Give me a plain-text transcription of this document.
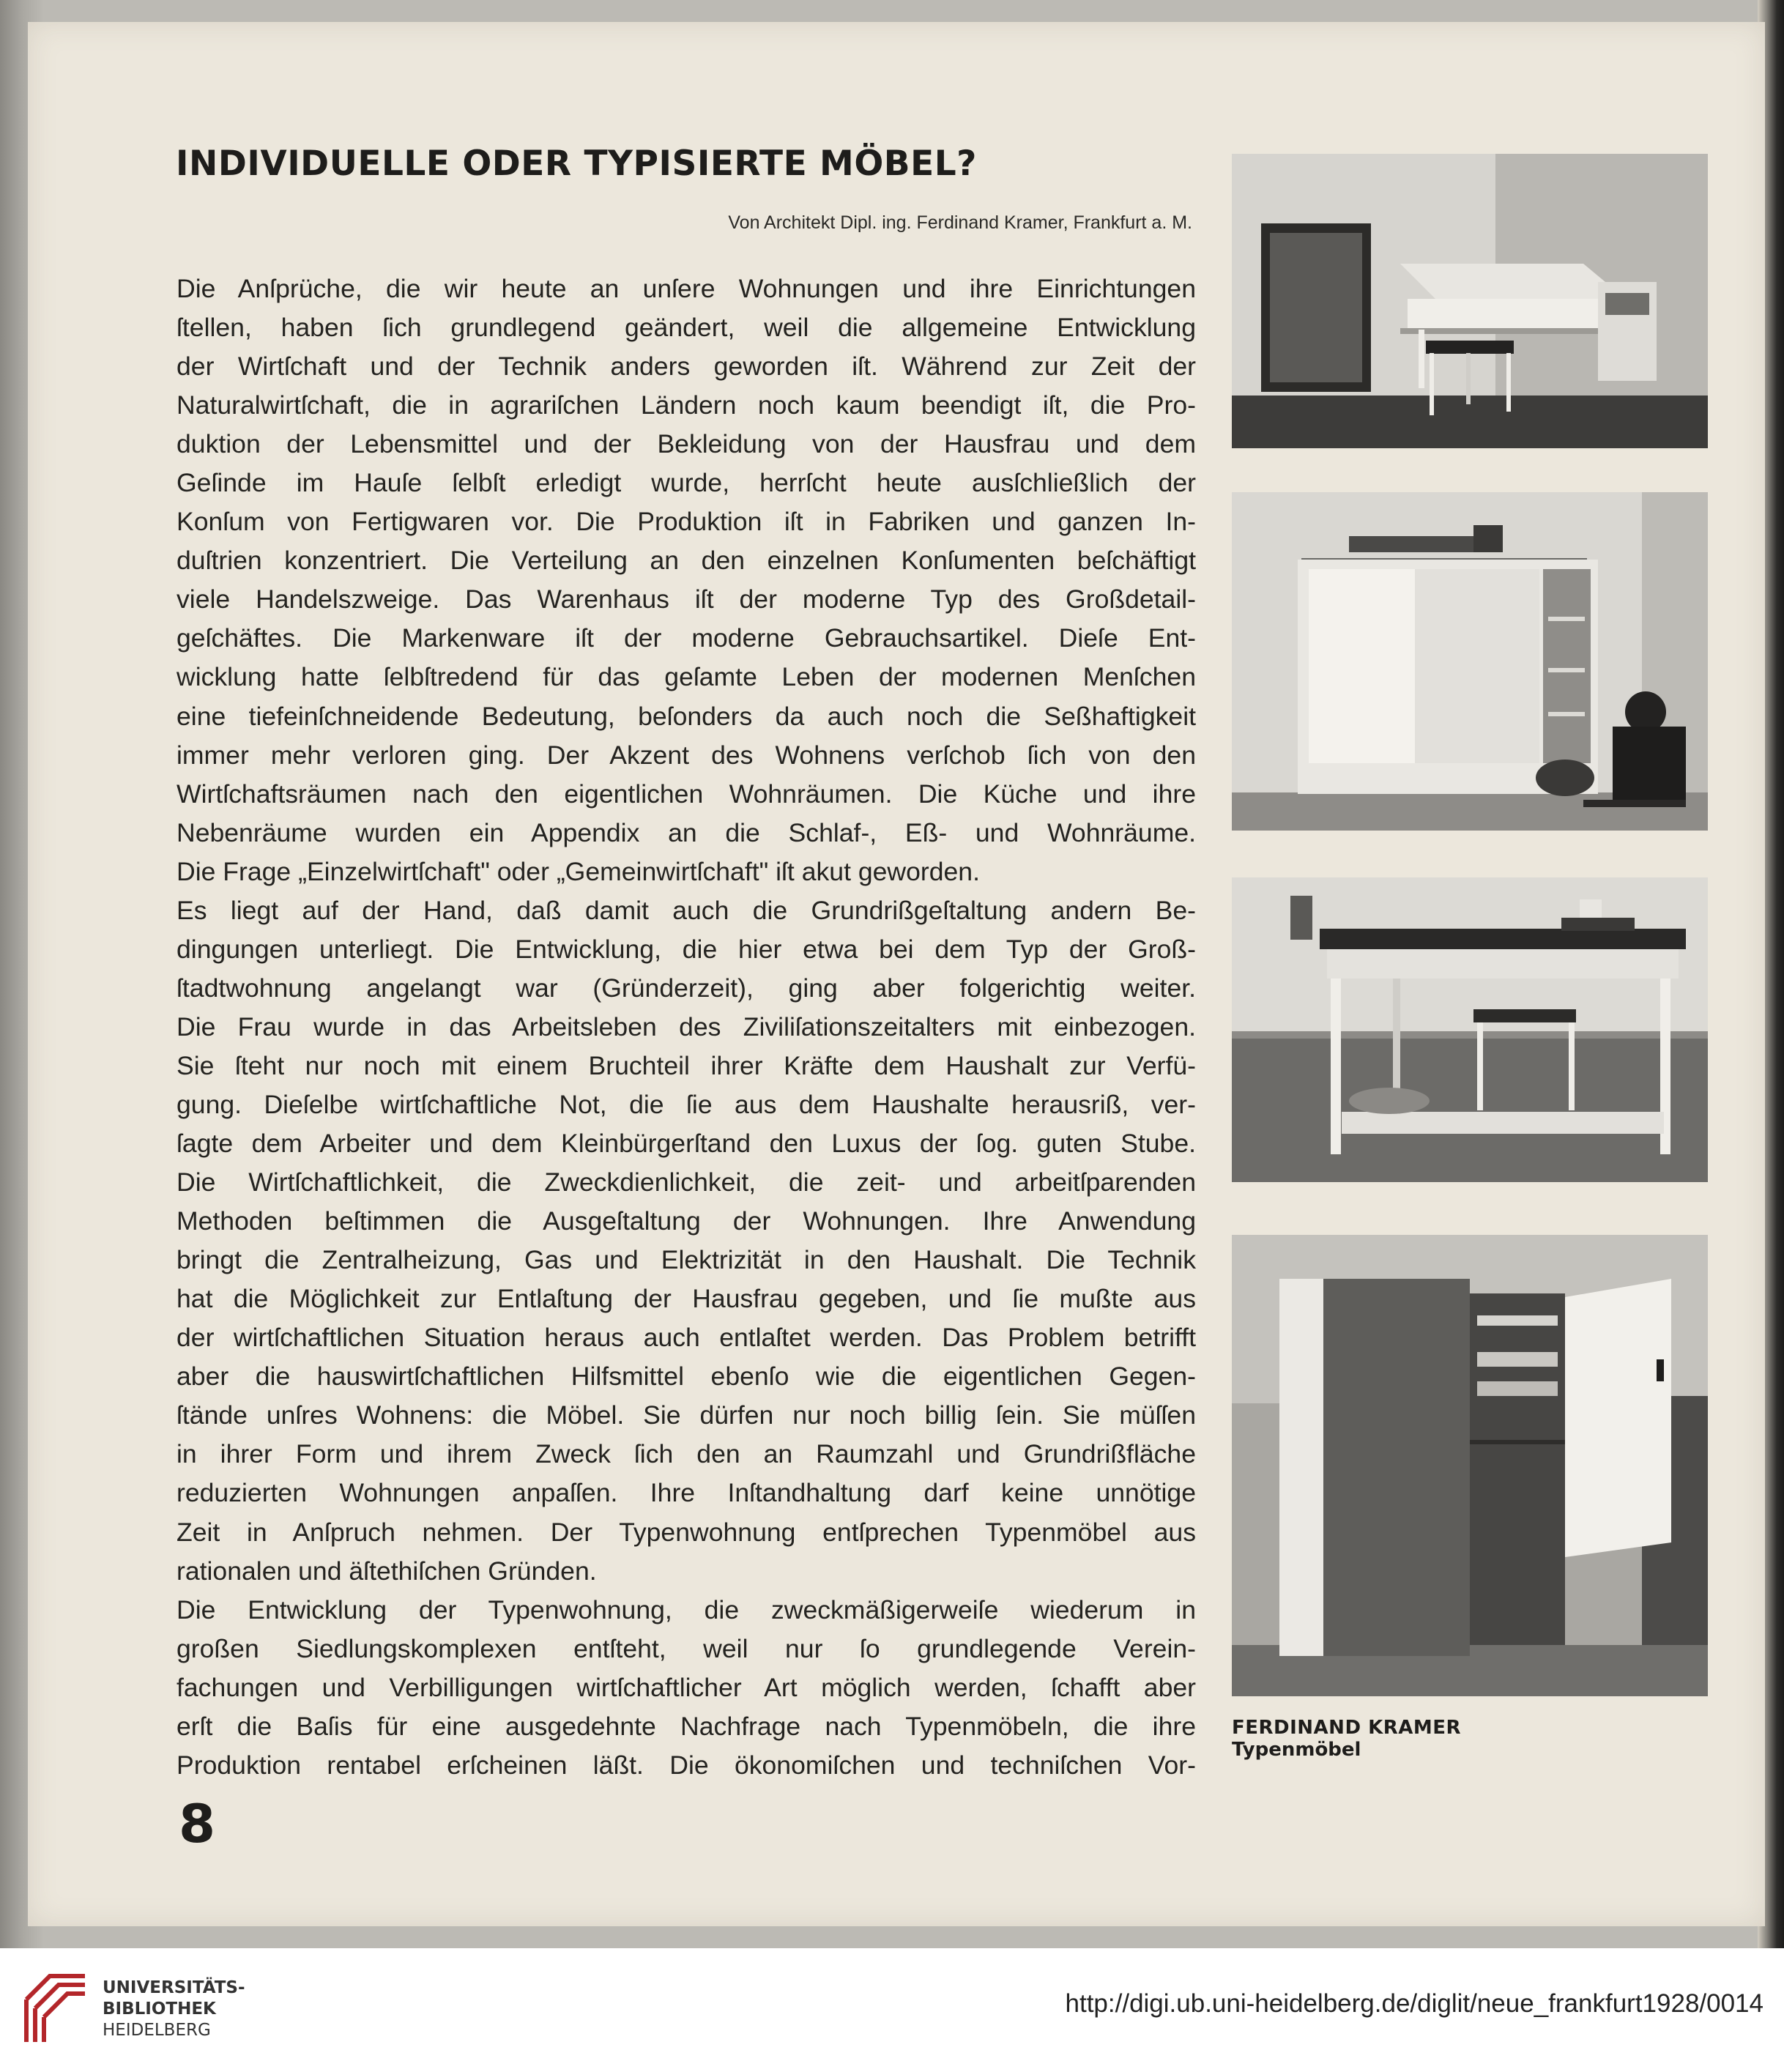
INDIVIDUELLE ODER TYPISIERTE MÖBEL?
Von Architekt Dipl. ing. Ferdinand Kramer, Frankfurt a. M.
Die Anſprüche, die wir heute an unſere Wohnungen und ihre Einrichtungen
ſtellen, haben ſich grundlegend geändert, weil die allgemeine Entwicklung
der Wirtſchaft und der Technik anders geworden iſt. Während zur Zeit der
Naturalwirtſchaft, die in agrariſchen Ländern noch kaum beendigt iſt, die Pro-
duktion der Lebensmittel und der Bekleidung von der Hausfrau und dem
Geſinde im Hauſe ſelbſt erledigt wurde, herrſcht heute ausſchließlich der
Konſum von Fertigwaren vor. Die Produktion iſt in Fabriken und ganzen In-
duſtrien konzentriert. Die Verteilung an den einzelnen Konſumenten beſchäftigt
viele Handelszweige. Das Warenhaus iſt der moderne Typ des Großdetail-
geſchäftes. Die Markenware iſt der moderne Gebrauchsartikel. Dieſe Ent-
wicklung hatte ſelbſtredend für das geſamte Leben der modernen Menſchen
eine tiefeinſchneidende Bedeutung, beſonders da auch noch die Seßhaftigkeit
immer mehr verloren ging. Der Akzent des Wohnens verſchob ſich von den
Wirtſchaftsräumen nach den eigentlichen Wohnräumen. Die Küche und ihre
Nebenräume wurden ein Appendix an die Schlaf-, Eß- und Wohnräume.
Die Frage „Einzelwirtſchaft" oder „Gemeinwirtſchaft" iſt akut geworden.
Es liegt auf der Hand, daß damit auch die Grundrißgeſtaltung andern Be-
dingungen unterliegt. Die Entwicklung, die hier etwa bei dem Typ der Groß-
ſtadtwohnung angelangt war (Gründerzeit), ging aber folgerichtig weiter.
Die Frau wurde in das Arbeitsleben des Ziviliſationszeitalters mit einbezogen.
Sie ſteht nur noch mit einem Bruchteil ihrer Kräfte dem Haushalt zur Verfü-
gung. Dieſelbe wirtſchaftliche Not, die ſie aus dem Haushalte herausriß, ver-
ſagte dem Arbeiter und dem Kleinbürgerſtand den Luxus der ſog. guten Stube.
Die Wirtſchaftlichkeit, die Zweckdienlichkeit, die zeit- und arbeitſparenden
Methoden beſtimmen die Ausgeſtaltung der Wohnungen. Ihre Anwendung
bringt die Zentralheizung, Gas und Elektrizität in den Haushalt. Die Technik
hat die Möglichkeit zur Entlaſtung der Hausfrau gegeben, und ſie mußte aus
der wirtſchaftlichen Situation heraus auch entlaſtet werden. Das Problem betrifft
aber die hauswirtſchaftlichen Hilfsmittel ebenſo wie die eigentlichen Gegen-
ſtände unſres Wohnens: die Möbel. Sie dürfen nur noch billig ſein. Sie müſſen
in ihrer Form und ihrem Zweck ſich den an Raumzahl und Grundrißfläche
reduzierten Wohnungen anpaſſen. Ihre Inſtandhaltung darf keine unnötige
Zeit in Anſpruch nehmen. Der Typenwohnung entſprechen Typenmöbel aus
rationalen und äſtethiſchen Gründen.
Die Entwicklung der Typenwohnung, die zweckmäßigerweiſe wiederum in
großen Siedlungskomplexen entſteht, weil nur ſo grundlegende Verein-
fachungen und Verbilligungen wirtſchaftlicher Art möglich werden, ſchafft aber
erſt die Baſis für eine ausgedehnte Nachfrage nach Typenmöbeln, die ihre
Produktion rentabel erſcheinen läßt. Die ökonomiſchen und techniſchen Vor-
FERDINAND KRAMER
Typenmöbel
8
UNIVERSITÄTS-
BIBLIOTHEK
HEIDELBERG
http://digi.ub.uni-heidelberg.de/diglit/neue_frankfurt1928/0014
